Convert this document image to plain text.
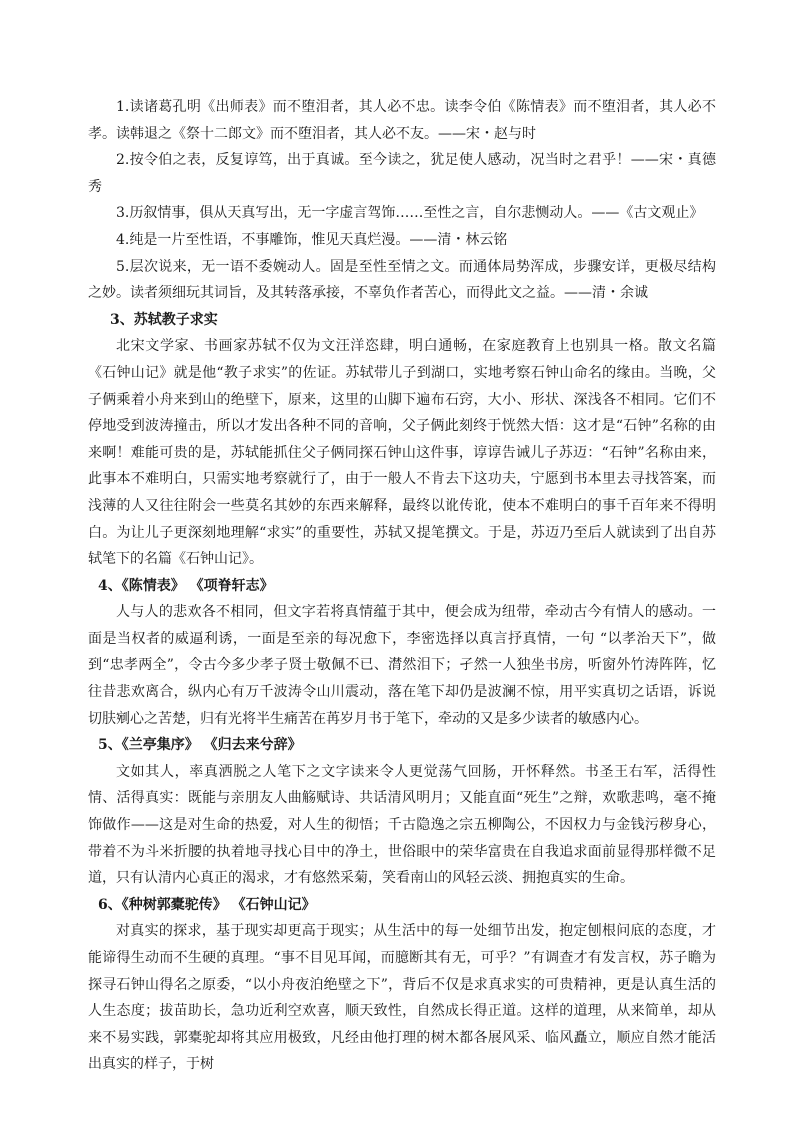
1.读诸葛孔明《出师表》而不堕泪者，其人必不忠。读李令伯《陈情表》而不堕泪者，其人必不孝。读韩退之《祭十二郎文》而不堕泪者，其人必不友。——宋・赵与时

2.按令伯之表，反复谆笃，出于真诚。至今读之，犹足使人感动，况当时之君乎！——宋・真德秀

3.历叙情事，俱从天真写出，无一字虚言驾饰……至性之言，自尔悲恻动人。——《古文观止》

4.纯是一片至性语，不事雕饰，惟见天真烂漫。——清・林云铭

5.层次说来，无一语不委婉动人。固是至性至情之文。而通体局势浑成，步骤安详，更极尽结构之妙。读者须细玩其词旨，及其转落承接，不辜负作者苦心，而得此文之益。——清・余诚

3、苏轼教子求实

北宋文学家、书画家苏轼不仅为文汪洋恣肆，明白通畅，在家庭教育上也别具一格。散文名篇《石钟山记》就是他“教子求实”的佐证。苏轼带儿子到湖口，实地考察石钟山命名的缘由。当晚，父子俩乘着小舟来到山的绝壁下，原来，这里的山脚下遍布石窍，大小、形状、深浅各不相同。它们不停地受到波涛撞击，所以才发出各种不同的音响，父子俩此刻终于恍然大悟：这才是“石钟”名称的由来啊！难能可贵的是，苏轼能抓住父子俩同探石钟山这件事，谆谆告诫儿子苏迈：“石钟”名称由来，此事本不难明白，只需实地考察就行了，由于一般人不肯去下这功夫，宁愿到书本里去寻找答案，而浅薄的人又往往附会一些莫名其妙的东西来解释，最终以讹传讹，使本不难明白的事千百年来不得明白。为让儿子更深刻地理解“求实”的重要性，苏轼又提笔撰文。于是，苏迈乃至后人就读到了出自苏轼笔下的名篇《石钟山记》。

4、《陈情表》 《项脊轩志》

人与人的悲欢各不相同，但文字若将真情蕴于其中，便会成为纽带，牵动古今有情人的感动。一面是当权者的威逼利诱，一面是至亲的每况愈下，李密选择以真言抒真情，一句 “以孝治天下”，做到“忠孝两全”，令古今多少孝子贤士敬佩不已、潸然泪下；孑然一人独坐书房，听窗外竹涛阵阵，忆往昔悲欢离合，纵内心有万千波涛令山川震动，落在笔下却仍是波澜不惊，用平实真切之话语，诉说切肤剜心之苦楚，归有光将半生痛苦在苒岁月书于笔下，牵动的又是多少读者的敏感内心。

5、《兰亭集序》 《归去来兮辞》

文如其人，率真洒脱之人笔下之文字读来令人更觉荡气回肠，开怀释然。书圣王右军，活得性情、活得真实：既能与亲朋友人曲觞赋诗、共话清风明月；又能直面“死生”之辩，欢歌悲鸣，毫不掩饰做作——这是对生命的热爱，对人生的彻悟；千古隐逸之宗五柳陶公，不因权力与金钱污秽身心，带着不为斗米折腰的执着地寻找心目中的净土，世俗眼中的荣华富贵在自我追求面前显得那样微不足道，只有认清内心真正的渴求，才有悠然采菊，笑看南山的风轻云淡、拥抱真实的生命。

6、《种树郭橐驼传》 《石钟山记》

对真实的探求，基于现实却更高于现实；从生活中的每一处细节出发，抱定刨根问底的态度，才能谛得生动而不生硬的真理。“事不目见耳闻，而臆断其有无，可乎？”有调查才有发言权，苏子瞻为探寻石钟山得名之原委，“以小舟夜泊绝壁之下”，背后不仅是求真求实的可贵精神，更是认真生活的人生态度；拔苗助长，急功近利空欢喜，顺天致性，自然成长得正道。这样的道理，从来简单，却从来不易实践，郭橐驼却将其应用极致，凡经由他打理的树木都各展风采、临风矗立，顺应自然才能活出真实的样子，于树
